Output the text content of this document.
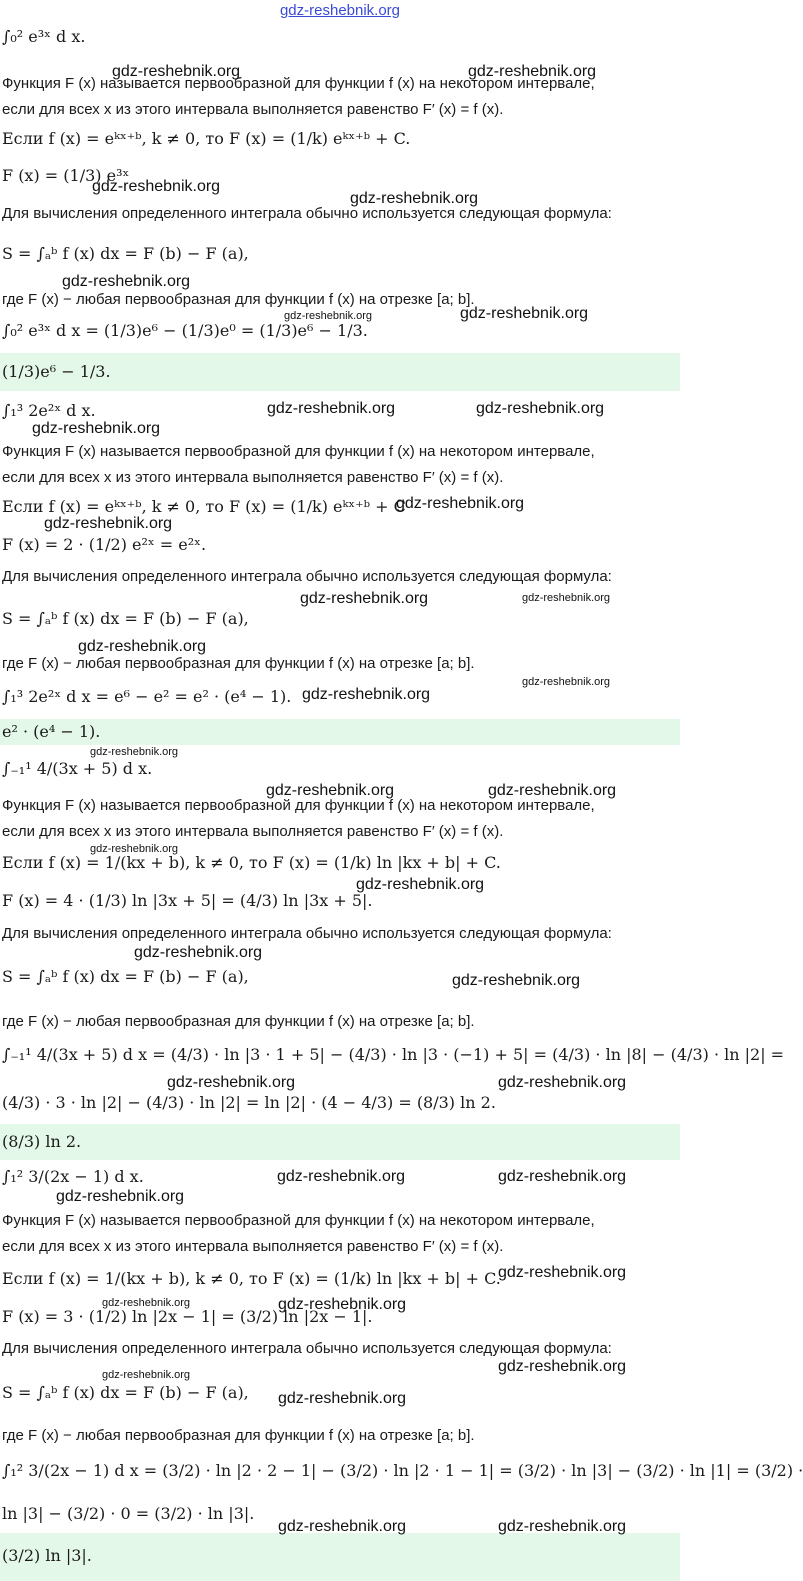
gdz-reshebnik.org
∫₀² e³ˣ d x.
Функция F (x) называется первообразной для функции f (x) на некотором интервале,
если для всех x из этого интервала выполняется равенство F′ (x) = f (x).
Если f (x) = eᵏˣ⁺ᵇ, k ≠ 0, то F (x) = (1/k) eᵏˣ⁺ᵇ + C.
F (x) = (1/3) e³ˣ
Для вычисления определенного интеграла обычно используется следующая формула:
S = ∫ₐᵇ f (x) dx = F (b) − F (a),
где F (x) − любая первообразная для функции f (x) на отрезке [a; b].
∫₀² e³ˣ d x = (1/3)e⁶ − (1/3)e⁰ = (1/3)e⁶ − 1/3.
(1/3)e⁶ − 1/3.
∫₁³ 2e²ˣ d x.
Функция F (x) называется первообразной для функции f (x) на некотором интервале,
если для всех x из этого интервала выполняется равенство F′ (x) = f (x).
Если f (x) = eᵏˣ⁺ᵇ, k ≠ 0, то F (x) = (1/k) eᵏˣ⁺ᵇ + C
F (x) = 2 · (1/2) e²ˣ = e²ˣ.
Для вычисления определенного интеграла обычно используется следующая формула:
S = ∫ₐᵇ f (x) dx = F (b) − F (a),
где F (x) − любая первообразная для функции f (x) на отрезке [a; b].
∫₁³ 2e²ˣ d x = e⁶ − e² = e² · (e⁴ − 1).
e² · (e⁴ − 1).
∫₋₁¹ 4/(3x + 5) d x.
Функция F (x) называется первообразной для функции f (x) на некотором интервале,
если для всех x из этого интервала выполняется равенство F′ (x) = f (x).
Если f (x) = 1/(kx + b), k ≠ 0, то F (x) = (1/k) ln |kx + b| + C.
F (x) = 4 · (1/3) ln |3x + 5| = (4/3) ln |3x + 5|.
Для вычисления определенного интеграла обычно используется следующая формула:
S = ∫ₐᵇ f (x) dx = F (b) − F (a),
где F (x) − любая первообразная для функции f (x) на отрезке [a; b].
∫₋₁¹ 4/(3x + 5) d x = (4/3) · ln |3 · 1 + 5| − (4/3) · ln |3 · (−1) + 5| = (4/3) · ln |8| − (4/3) · ln |2| =
(4/3) · 3 · ln |2| − (4/3) · ln |2| = ln |2| · (4 − 4/3) = (8/3) ln 2.
(8/3) ln 2.
∫₁² 3/(2x − 1) d x.
Функция F (x) называется первообразной для функции f (x) на некотором интервале,
если для всех x из этого интервала выполняется равенство F′ (x) = f (x).
Если f (x) = 1/(kx + b), k ≠ 0, то F (x) = (1/k) ln |kx + b| + C.
F (x) = 3 · (1/2) ln |2x − 1| = (3/2) ln |2x − 1|.
Для вычисления определенного интеграла обычно используется следующая формула:
S = ∫ₐᵇ f (x) dx = F (b) − F (a),
где F (x) − любая первообразная для функции f (x) на отрезке [a; b].
∫₁² 3/(2x − 1) d x = (3/2) · ln |2 · 2 − 1| − (3/2) · ln |2 · 1 − 1| = (3/2) · ln |3| − (3/2) · ln |1| = (3/2) ·
ln |3| − (3/2) · 0 = (3/2) · ln |3|.
(3/2) ln |3|.
gdz-reshebnik.org	gdz-reshebnik.org
gdz-reshebnik.org
gdz-reshebnik.org
gdz-reshebnik.org
gdz-reshebnik.org	gdz-reshebnik.org
gdz-reshebnik.org	gdz-reshebnik.org
gdz-reshebnik.org
gdz-reshebnik.org
gdz-reshebnik.org
gdz-reshebnik.org	gdz-reshebnik.org
gdz-reshebnik.org
gdz-reshebnik.org
gdz-reshebnik.org
gdz-reshebnik.org
gdz-reshebnik.org	gdz-reshebnik.org
gdz-reshebnik.org
gdz-reshebnik.org
gdz-reshebnik.org
gdz-reshebnik.org
gdz-reshebnik.org	gdz-reshebnik.org
gdz-reshebnik.org	gdz-reshebnik.org
gdz-reshebnik.org
gdz-reshebnik.org
gdz-reshebnik.org	gdz-reshebnik.org
gdz-reshebnik.org
gdz-reshebnik.org
gdz-reshebnik.org
gdz-reshebnik.org	gdz-reshebnik.org
